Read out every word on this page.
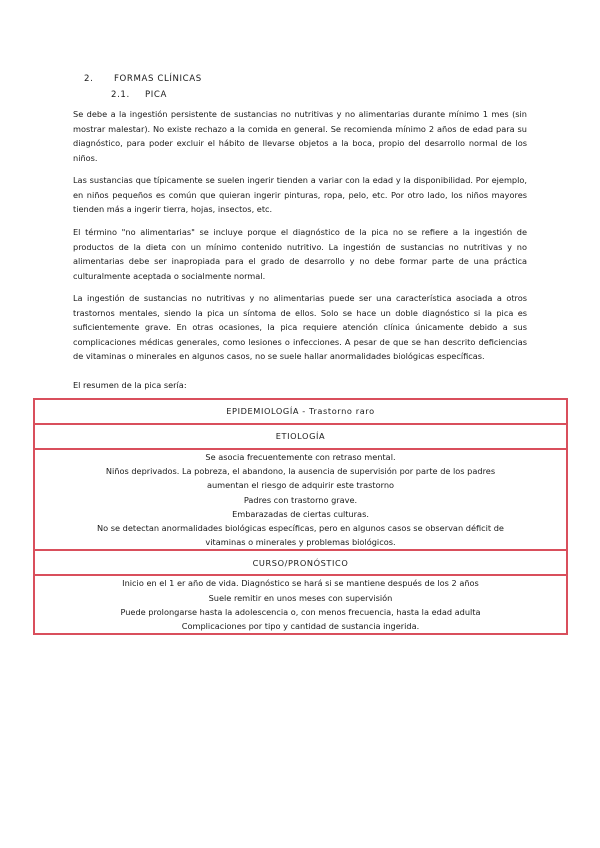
2. FORMAS CLÍNICAS
2.1. PICA
Se debe a la ingestión persistente de sustancias no nutritivas y no alimentarias durante mínimo 1 mes (sin mostrar malestar). No existe rechazo a la comida en general. Se recomienda mínimo 2 años de edad para su diagnóstico, para poder excluir el hábito de llevarse objetos a la boca, propio del desarrollo normal de los niños.
Las sustancias que típicamente se suelen ingerir tienden a variar con la edad y la disponibilidad. Por ejemplo, en niños pequeños es común que quieran ingerir pinturas, ropa, pelo, etc. Por otro lado, los niños mayores tienden más a ingerir tierra, hojas, insectos, etc.
El término "no alimentarias" se incluye porque el diagnóstico de la pica no se refiere a la ingestión de productos de la dieta con un mínimo contenido nutritivo. La ingestión de sustancias no nutritivas y no alimentarias debe ser inapropiada para el grado de desarrollo y no debe formar parte de una práctica culturalmente aceptada o socialmente normal.
La ingestión de sustancias no nutritivas y no alimentarias puede ser una característica asociada a otros trastornos mentales, siendo la pica un síntoma de ellos. Solo se hace un doble diagnóstico si la pica es suficientemente grave. En otras ocasiones, la pica requiere atención clínica únicamente debido a sus complicaciones médicas generales, como lesiones o infecciones. A pesar de que se han descrito deficiencias de vitaminas o minerales en algunos casos, no se suele hallar anormalidades biológicas específicas.
El resumen de la pica sería:
EPIDEMIOLOGÍA - Trastorno raro
ETIOLOGÍA

Se asocia frecuentemente con retraso mental.
Niños deprivados. La pobreza, el abandono, la ausencia de supervisión por parte de los padres
aumentan el riesgo de adquirir este trastorno
Padres con trastorno grave.
Embarazadas de ciertas culturas.
No se detectan anormalidades biológicas específicas, pero en algunos casos se observan déficit de
vitaminas o minerales y problemas biológicos.

CURSO/PRONÓSTICO

Inicio en el 1 er año de vida. Diagnóstico se hará si se mantiene después de los 2 años
Suele remitir en unos meses con supervisión
Puede prolongarse hasta la adolescencia o, con menos frecuencia, hasta la edad adulta
Complicaciones por tipo y cantidad de sustancia ingerida.
